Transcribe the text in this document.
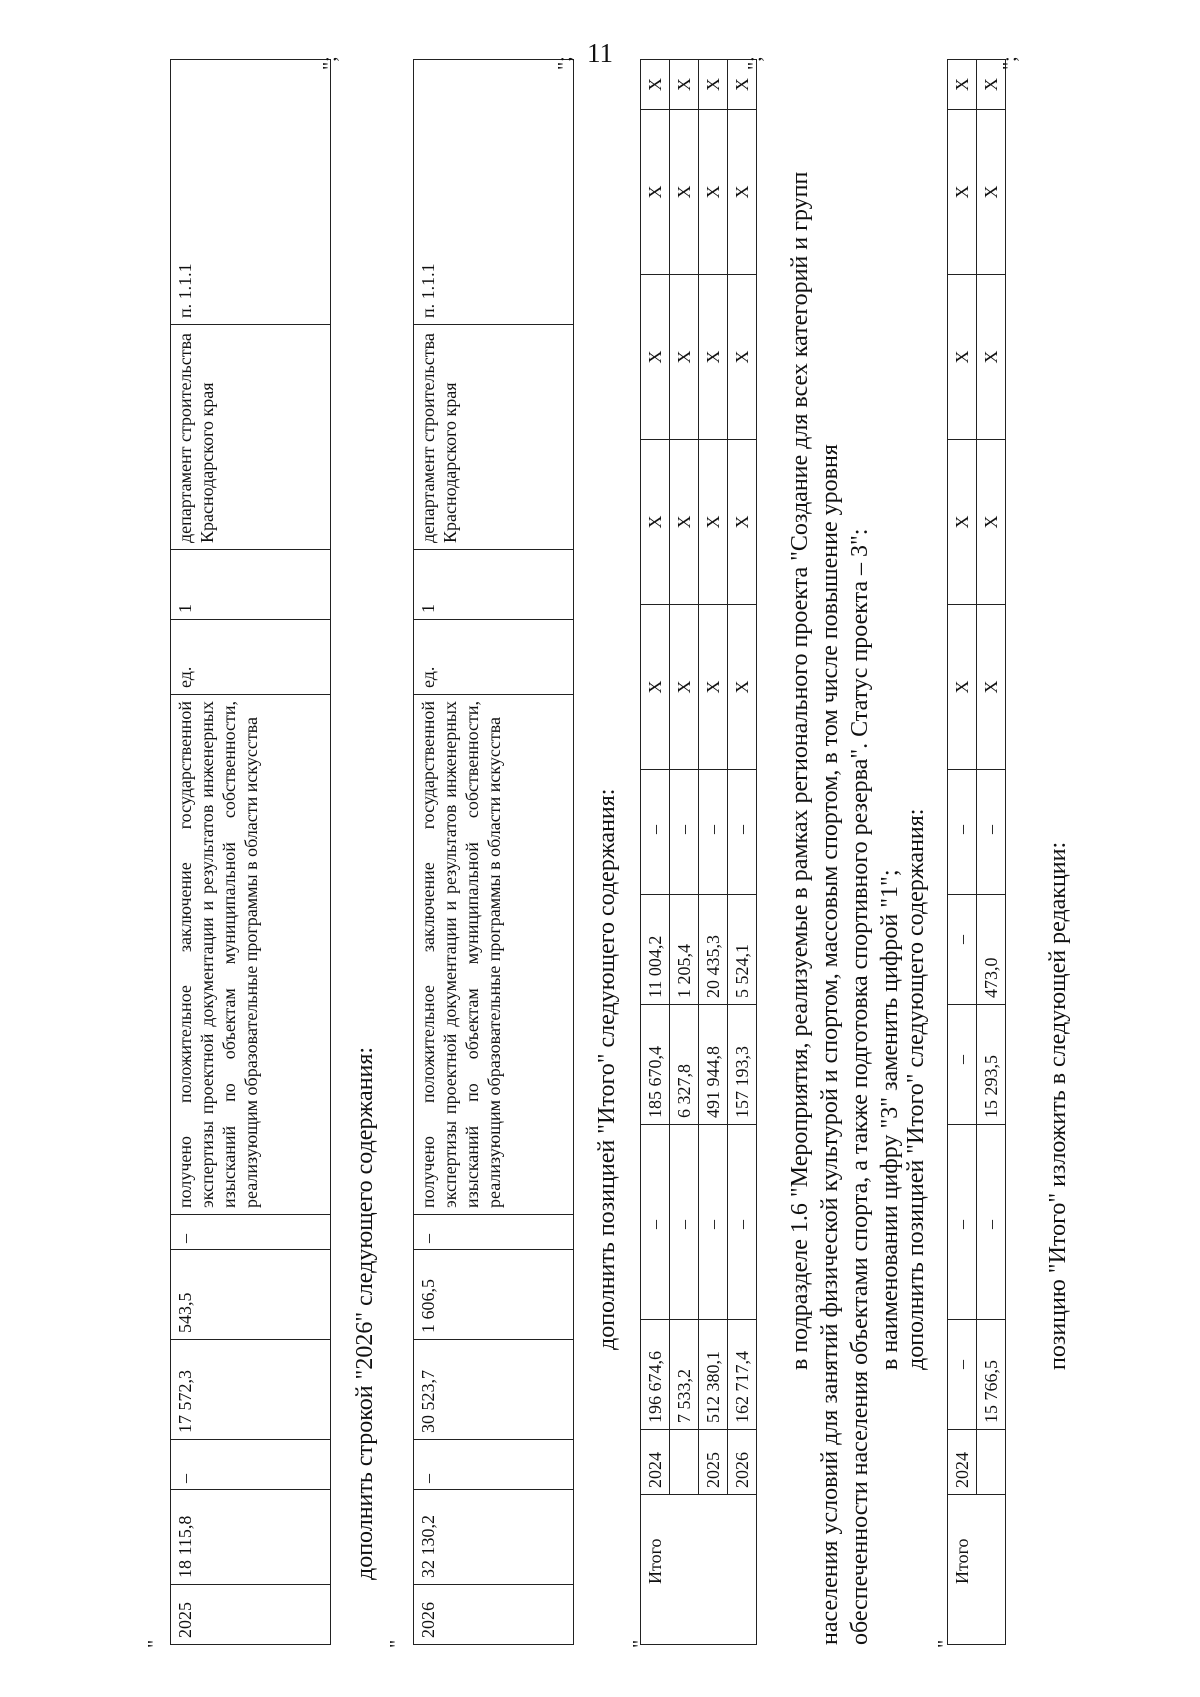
11
"
2025	18 115,8	–	17 572,3	543,5	–	получено положительное заключение государственной экспертизы проектной документации и результатов инженерных изысканий по объектам муниципальной собственности, реализующим образовательные программы в области искусства	ед.	1	департамент строительства Краснодарского края	п. 1.1.1
";
дополнить строкой "2026" следующего содержания:
"
2026	32 130,2	–	30 523,7	1 606,5	–	получено положительное заключение государственной экспертизы проектной документации и результатов инженерных изысканий по объектам муниципальной собственности, реализующим образовательные программы в области искусства	ед.	1	департамент строительства Краснодарского края	п. 1.1.1
";
дополнить позицией "Итого" следующего содержания:
"
Итого	2024	196 674,6	–	185 670,4	11 004,2	–	X	X	X	X	X
		7 533,2	–	6 327,8	1 205,4	–	X	X	X	X	X
	2025	512 380,1	–	491 944,8	20 435,3	–	X	X	X	X	X
	2026	162 717,4	–	157 193,3	5 524,1	–	X	X	X	X	X
";
в подразделе 1.6 "Мероприятия, реализуемые в рамках регионального проекта "Создание для всех категорий и групп населения условий для занятий физической культурой и спортом, массовым спортом, в том числе повышение уровня обеспеченности населения объектами спорта, а также подготовка спортивного резерва". Статус проекта – 3": в наименовании цифру "3" заменить цифрой "1"; дополнить позицией "Итого" следующего содержания:
"
Итого	2024	–	–	–	–	–	X	X	X	X	X
		15 766,5	–	15 293,5	473,0	–	X	X	X	X	X
";
позицию "Итого" изложить в следующей редакции:
